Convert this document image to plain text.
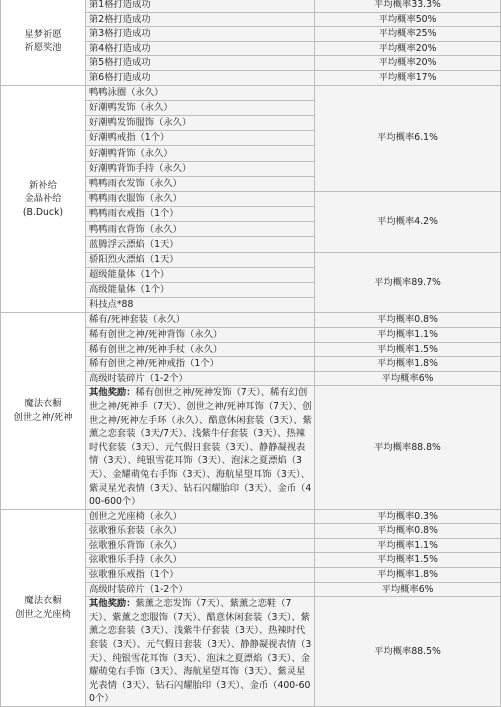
星梦祈愿
祈愿奖池	第1格打造成功	平均概率33.3%
	第2格打造成功	平均概率50%
	第3格打造成功	平均概率25%
	第4格打造成功	平均概率20%
	第5格打造成功	平均概率20%
	第6格打造成功	平均概率17%

新补给
金晶补给
(B.Duck)	鸭鸭泳圈（永久）	平均概率6.1%
	好潮鸭发饰（永久）	
	好潮鸭发饰服饰（永久）	
	好潮鸭戒指（1个）	
	好潮鸭背饰（永久）	
	好潮鸭背饰手持（永久）	
	鸭鸭雨衣发饰（永久）	
	鸭鸭雨衣服饰（永久）	平均概率4.2%
	鸭鸭雨衣戒指（1个）	
	鸭鸭雨衣背饰（永久）	
	蓝腾浮云漂焰（1天）	
	骄阳烈火漂焰（1天）	平均概率89.7%
	超级能量体（1个）	
	高级能量体（1个）	
	科技点*88	

魔法衣橱
创世之神/死神	稀有/死神套装（永久）	平均概率0.8%
	稀有创世之神/死神背饰（永久）	平均概率1.1%
	稀有创世之神/死神手杖（永久）	平均概率1.5%
	稀有创世之神/死神戒指（1个）	平均概率1.8%
	高级时装碎片（1-2个）	平均概率6%

	其他奖励：稀有创世之神/死神发饰（7天）、稀有幻创世之神/死神手（7天）、创世之神/死神耳饰（7天）、创世之神/死神左手环（永久）、酷意休闲套装（3天）、紫薰之恋套装（3天/7天）、浅紫牛仔套装（3天）、热辣时代套装（3天）、元气假日套装（3天）、静静凝视表情（3天）、纯银雪花耳饰（3天）、泡沫之夏漂焰（3天）、金耀萌兔右手饰（3天）、海航星望耳饰（3天）、紫灵星光表情（3天）、钻石闪耀胎印（3天）、金币（400-600个）	平均概率88.8%

魔法衣橱
创世之光座椅	创世之光座椅（永久）	平均概率0.3%
	弦歌雅乐套装（永久）	平均概率0.8%
	弦歌雅乐背饰（永久）	平均概率1.1%
	弦歌雅乐手持（永久）	平均概率1.5%
	弦歌雅乐戒指（1个）	平均概率1.8%
	高级时装碎片（1-2个）	平均概率6%

	其他奖励：紫薰之恋发饰（7天）、紫薰之恋鞋（7天）、紫薰之恋服饰（7天）、酷意休闲套装（3天）、紫薰之恋套装（3天）、浅紫牛仔套装（3天）、热辣时代套装（3天）、元气假日套装（3天）、静静凝视表情（3天）、纯银雪花耳饰（3天）、泡沫之夏漂焰（3天）、金耀萌兔右手饰（3天）、海航星望耳饰（3天）、紫灵星光表情（3天）、钻石闪耀胎印（3天）、金币（400-600个）	平均概率88.5%
